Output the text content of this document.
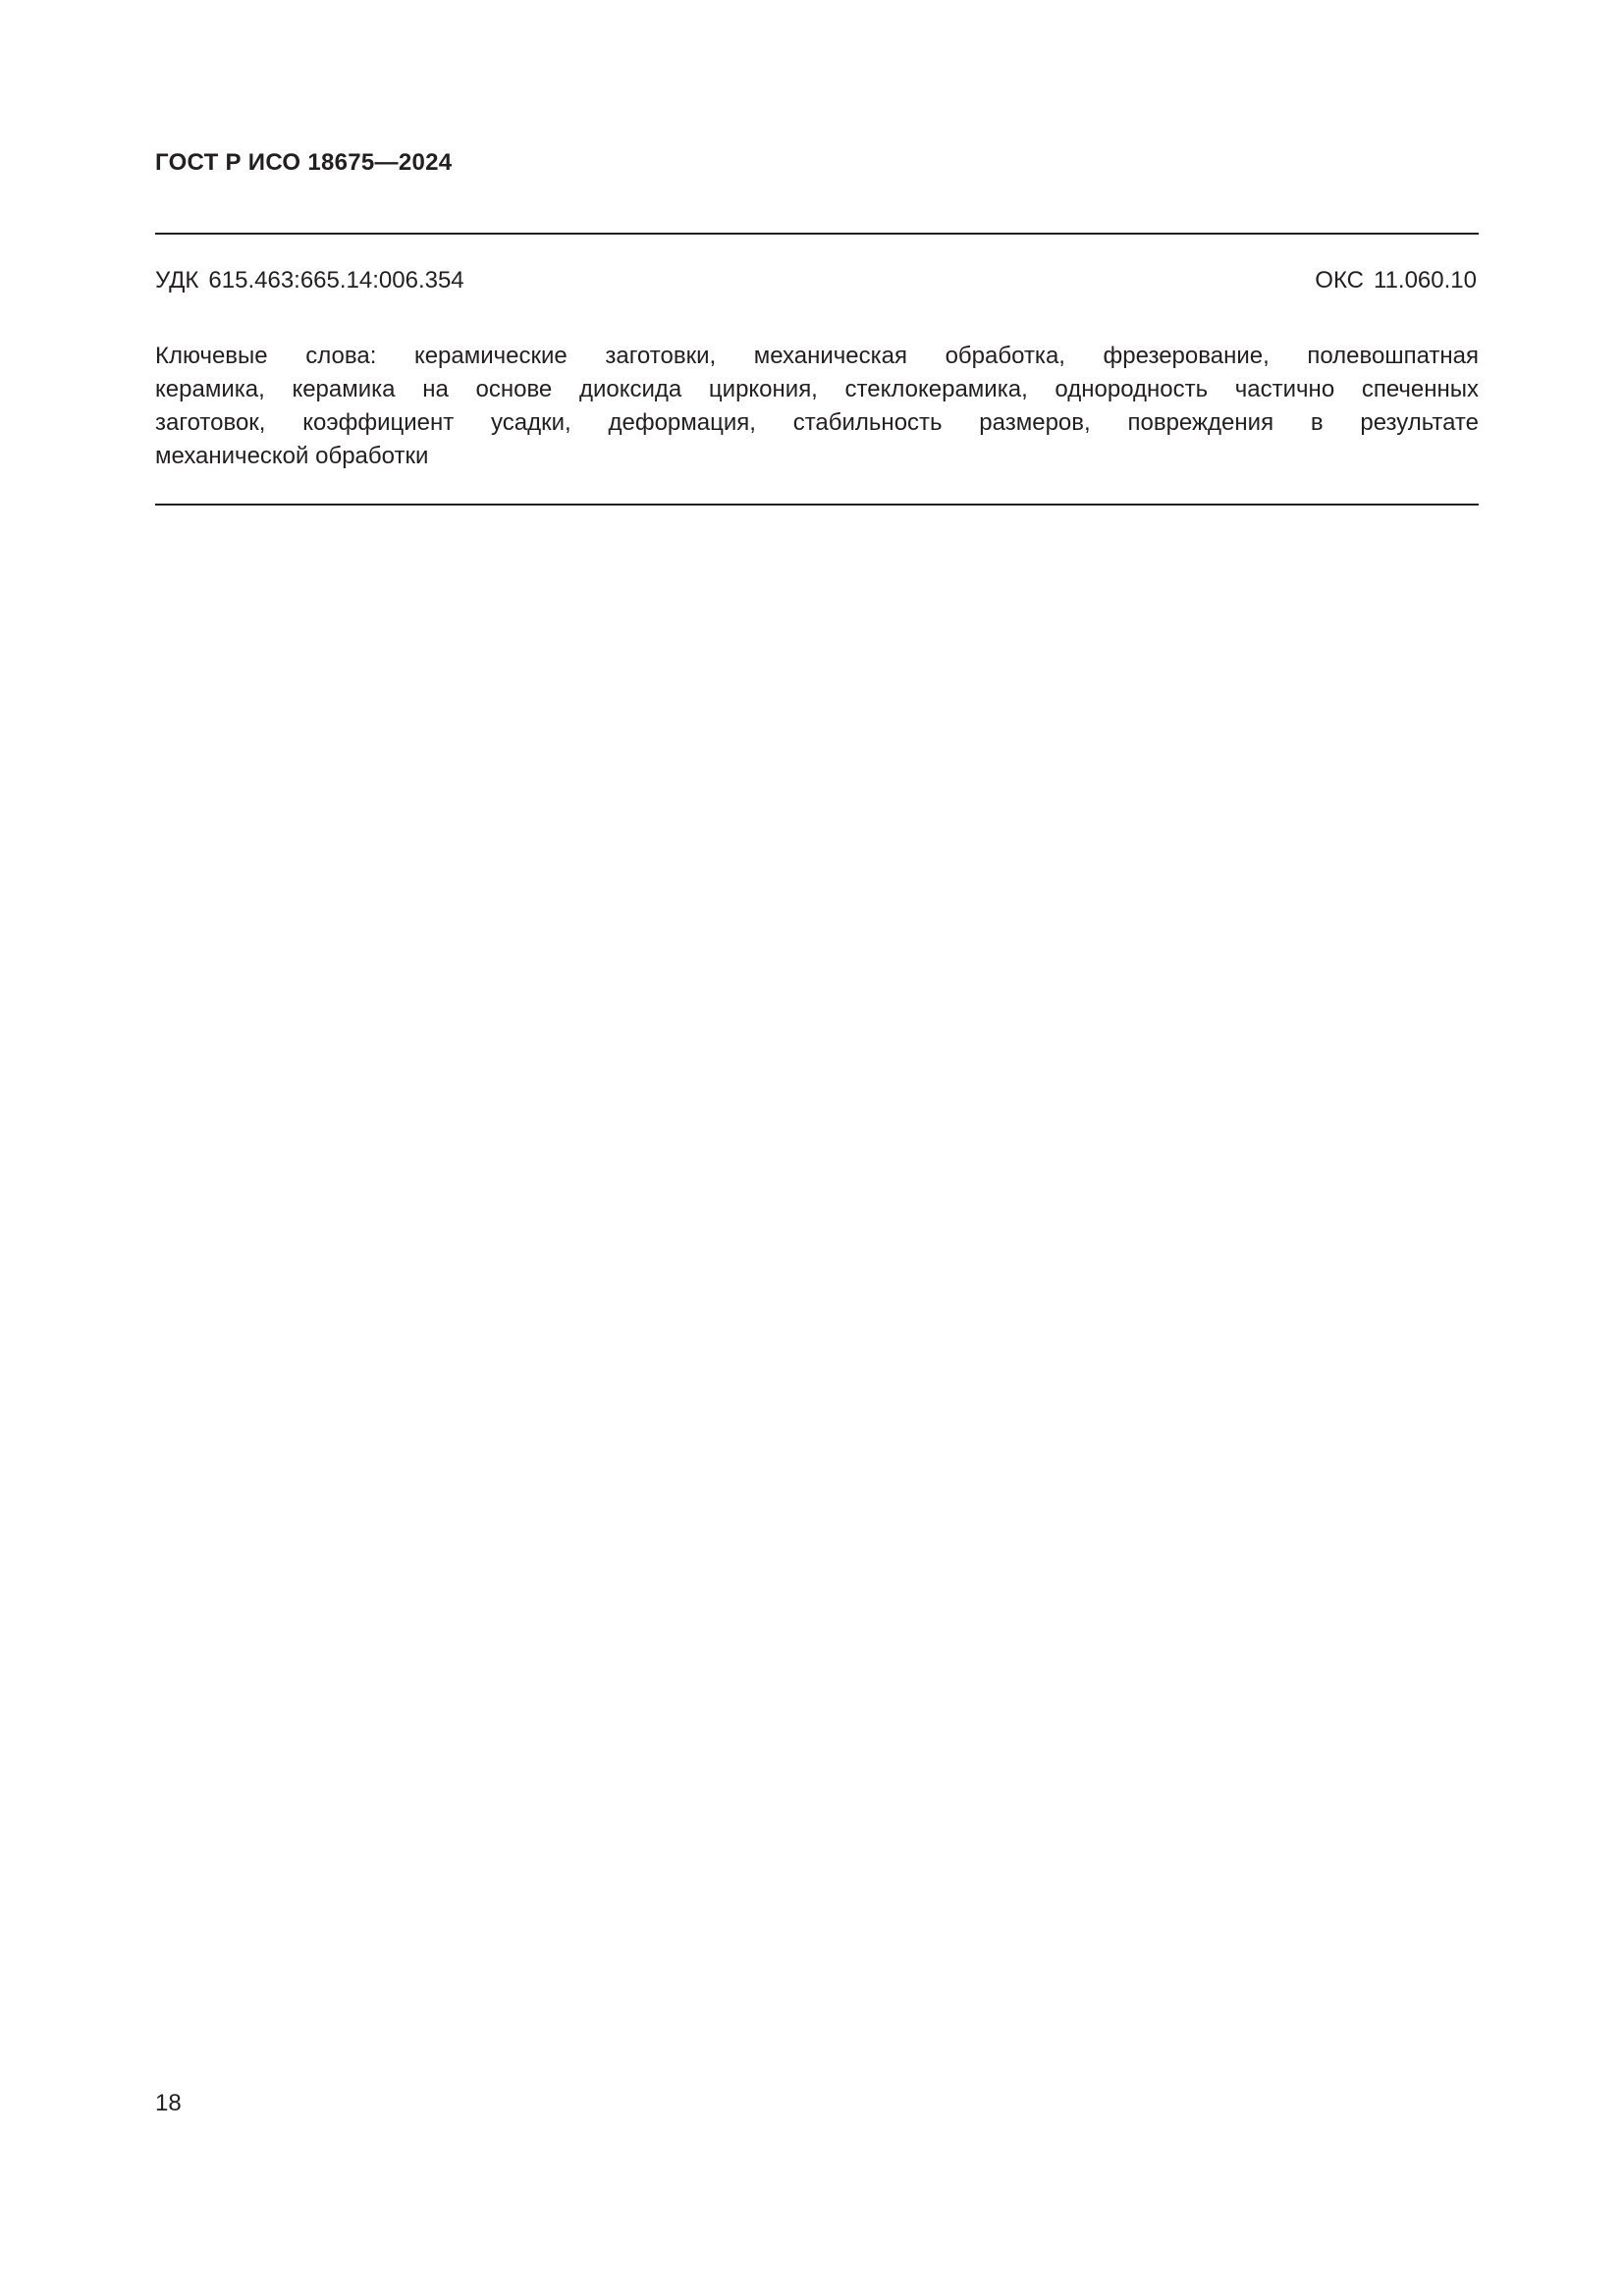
ГОСТ Р ИСО 18675—2024
УДК 615.463:665.14:006.354	ОКС 11.060.10
Ключевые слова: керамические заготовки, механическая обработка, фрезерование, полевошпатная
керамика, керамика на основе диоксида циркония, стеклокерамика, однородность частично спеченных
заготовок, коэффициент усадки, деформация, стабильность размеров, повреждения в результате
механической обработки
18
